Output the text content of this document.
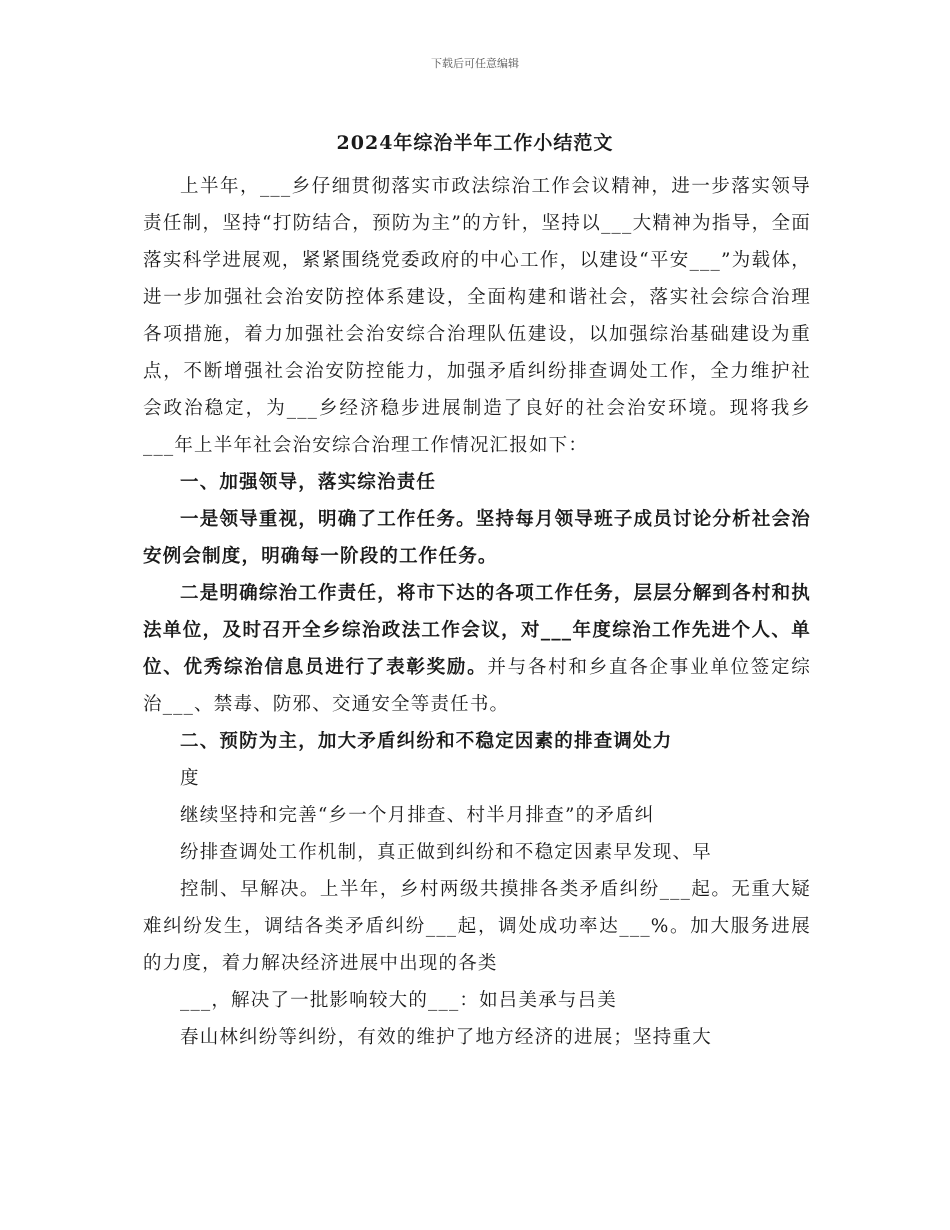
下载后可任意编辑
2024年综治半年工作小结范文

上半年，___乡仔细贯彻落实市政法综治工作会议精神，进一步落实领导责任制，坚持“打防结合，预防为主”的方针，坚持以___大精神为指导，全面落实科学进展观，紧紧围绕党委政府的中心工作，以建设“平安___”为载体，进一步加强社会治安防控体系建设，全面构建和谐社会，落实社会综合治理各项措施，着力加强社会治安综合治理队伍建设，以加强综治基础建设为重点，不断增强社会治安防控能力，加强矛盾纠纷排查调处工作，全力维护社会政治稳定，为___乡经济稳步进展制造了良好的社会治安环境。现将我乡___年上半年社会治安综合治理工作情况汇报如下：

一、加强领导，落实综治责任

一是领导重视，明确了工作任务。坚持每月领导班子成员讨论分析社会治安例会制度，明确每一阶段的工作任务。

二是明确综治工作责任，将市下达的各项工作任务，层层分解到各村和执法单位，及时召开全乡综治政法工作会议，对___年度综治工作先进个人、单位、优秀综治信息员进行了表彰奖励。并与各村和乡直各企事业单位签定综治___、禁毒、防邪、交通安全等责任书。

二、预防为主，加大矛盾纠纷和不稳定因素的排查调处力

度

继续坚持和完善“乡一个月排查、村半月排查”的矛盾纠

纷排查调处工作机制，真正做到纠纷和不稳定因素早发现、早

控制、早解决。上半年，乡村两级共摸排各类矛盾纠纷___起。无重大疑难纠纷发生，调结各类矛盾纠纷___起，调处成功率达___%。加大服务进展的力度，着力解决经济进展中出现的各类

___，解决了一批影响较大的___：如吕美承与吕美

春山林纠纷等纠纷，有效的维护了地方经济的进展；坚持重大
